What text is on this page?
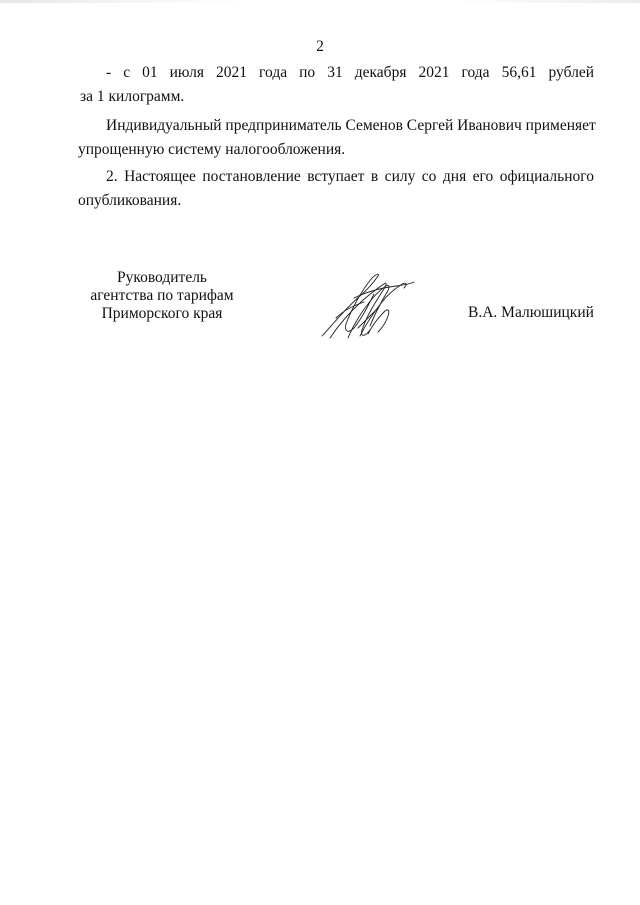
2
- с 01 июля 2021 года по 31 декабря 2021 года 56,61 рублей
за 1 килограмм.
Индивидуальный предприниматель Семенов Сергей Иванович применяет
упрощенную систему налогообложения.
2. Настоящее постановление вступает в силу со дня его официального
опубликования.
Руководитель
агентства по тарифам
Приморского края	В.А. Малюшицкий
